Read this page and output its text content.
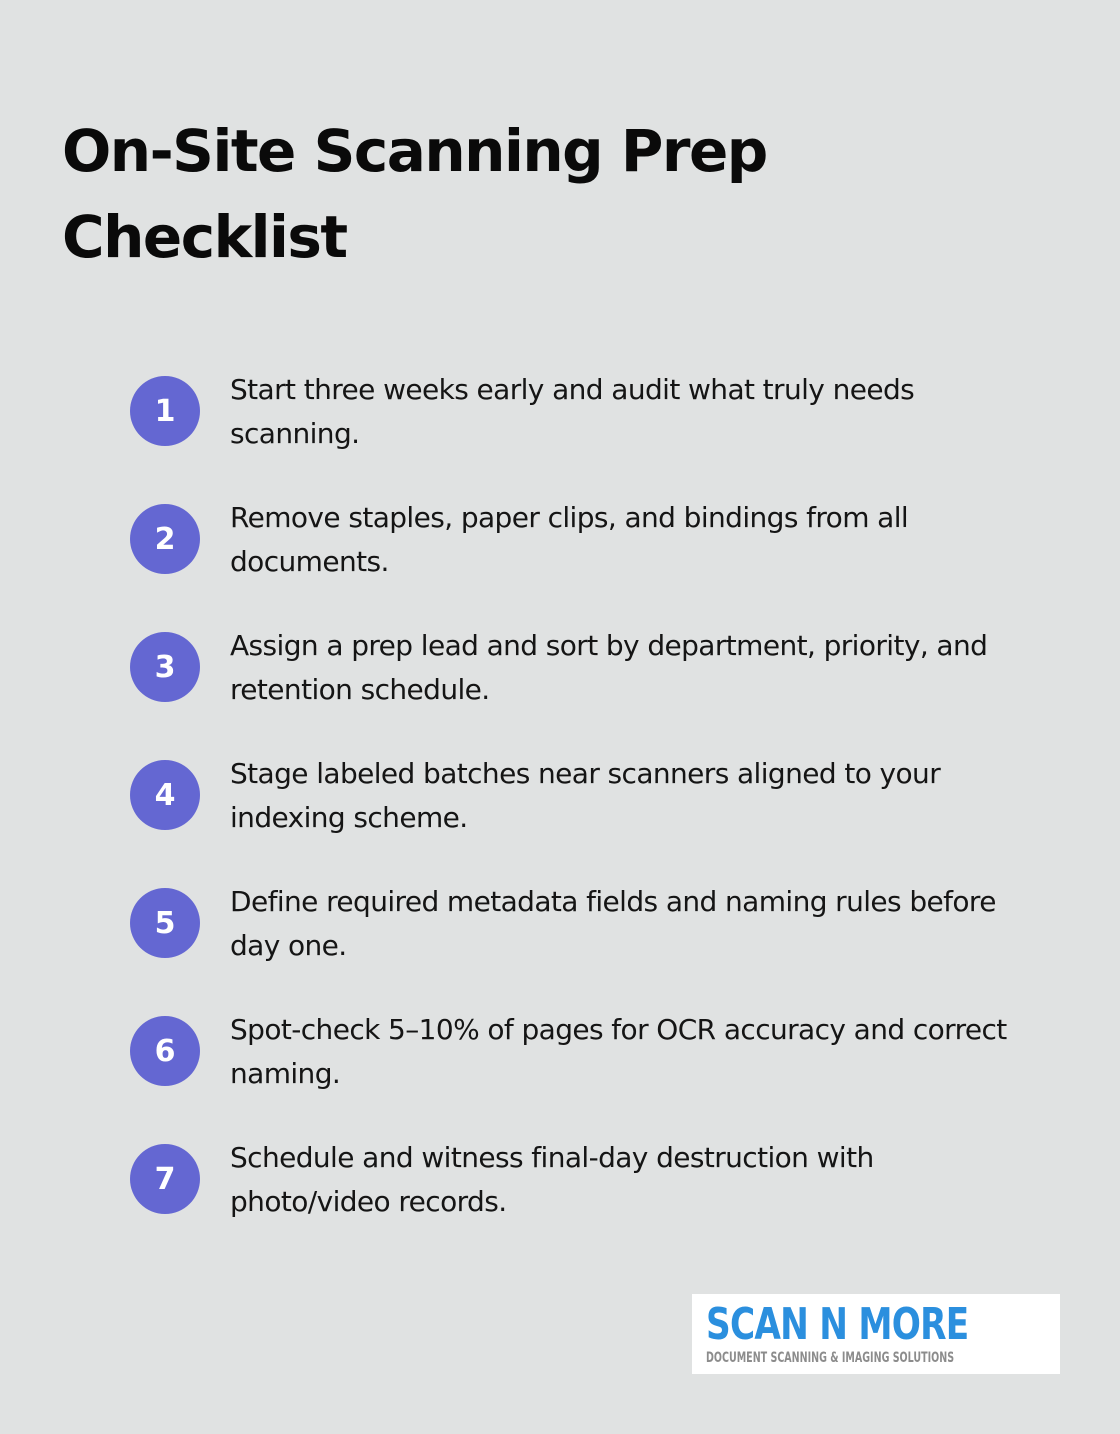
On-Site Scanning Prep Checklist
1
Start three weeks early and audit what truly needs scanning.
2
Remove staples, paper clips, and bindings from all documents.
3
Assign a prep lead and sort by department, priority, and retention schedule.
4
Stage labeled batches near scanners aligned to your indexing scheme.
5
Define required metadata fields and naming rules before day one.
6
Spot-check 5–10% of pages for OCR accuracy and correct naming.
7
Schedule and witness final-day destruction with photo/video records.
SCAN N MORE
DOCUMENT SCANNING & IMAGING SOLUTIONS
